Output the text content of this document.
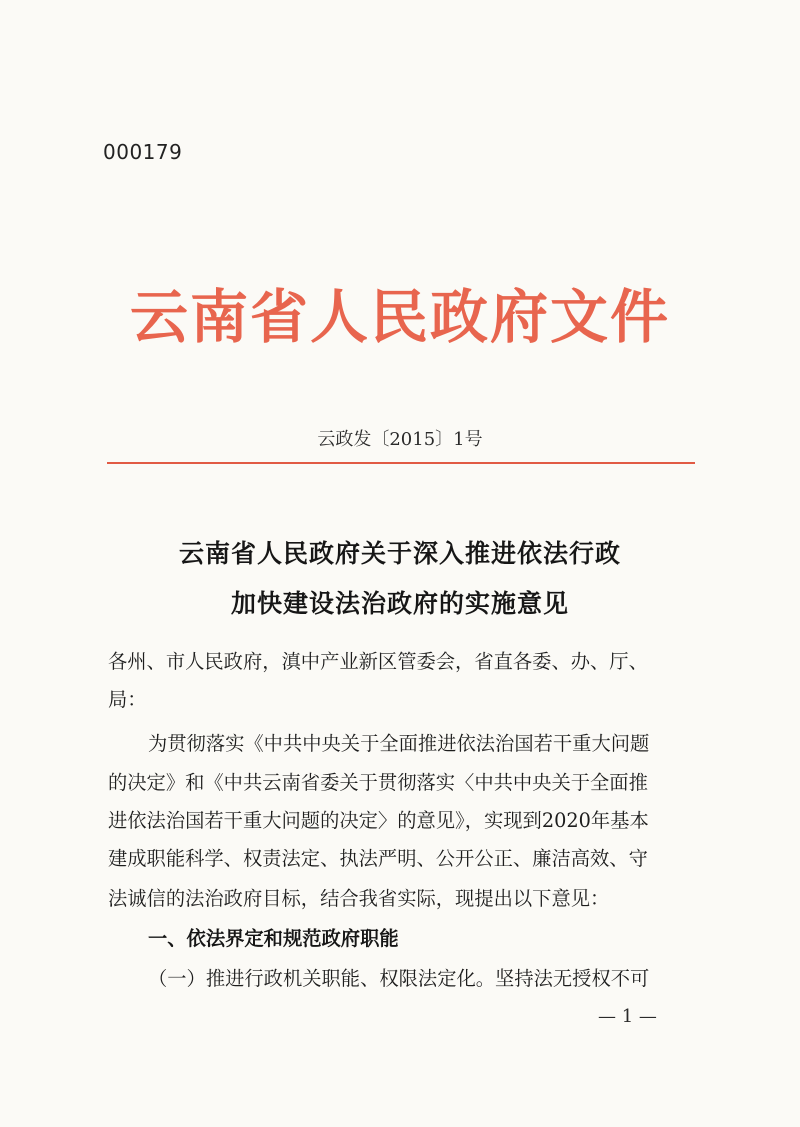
000179
云南省人民政府文件
云政发〔2015〕1号
云南省人民政府关于深入推进依法行政
加快建设法治政府的实施意见
各州、市人民政府，滇中产业新区管委会，省直各委、办、厅、
局：
为贯彻落实《中共中央关于全面推进依法治国若干重大问题
的决定》和《中共云南省委关于贯彻落实〈中共中央关于全面推
进依法治国若干重大问题的决定〉的意见》，实现到2020年基本
建成职能科学、权责法定、执法严明、公开公正、廉洁高效、守
法诚信的法治政府目标，结合我省实际，现提出以下意见：
一、依法界定和规范政府职能
（一）推进行政机关职能、权限法定化。坚持法无授权不可
— 1 —
